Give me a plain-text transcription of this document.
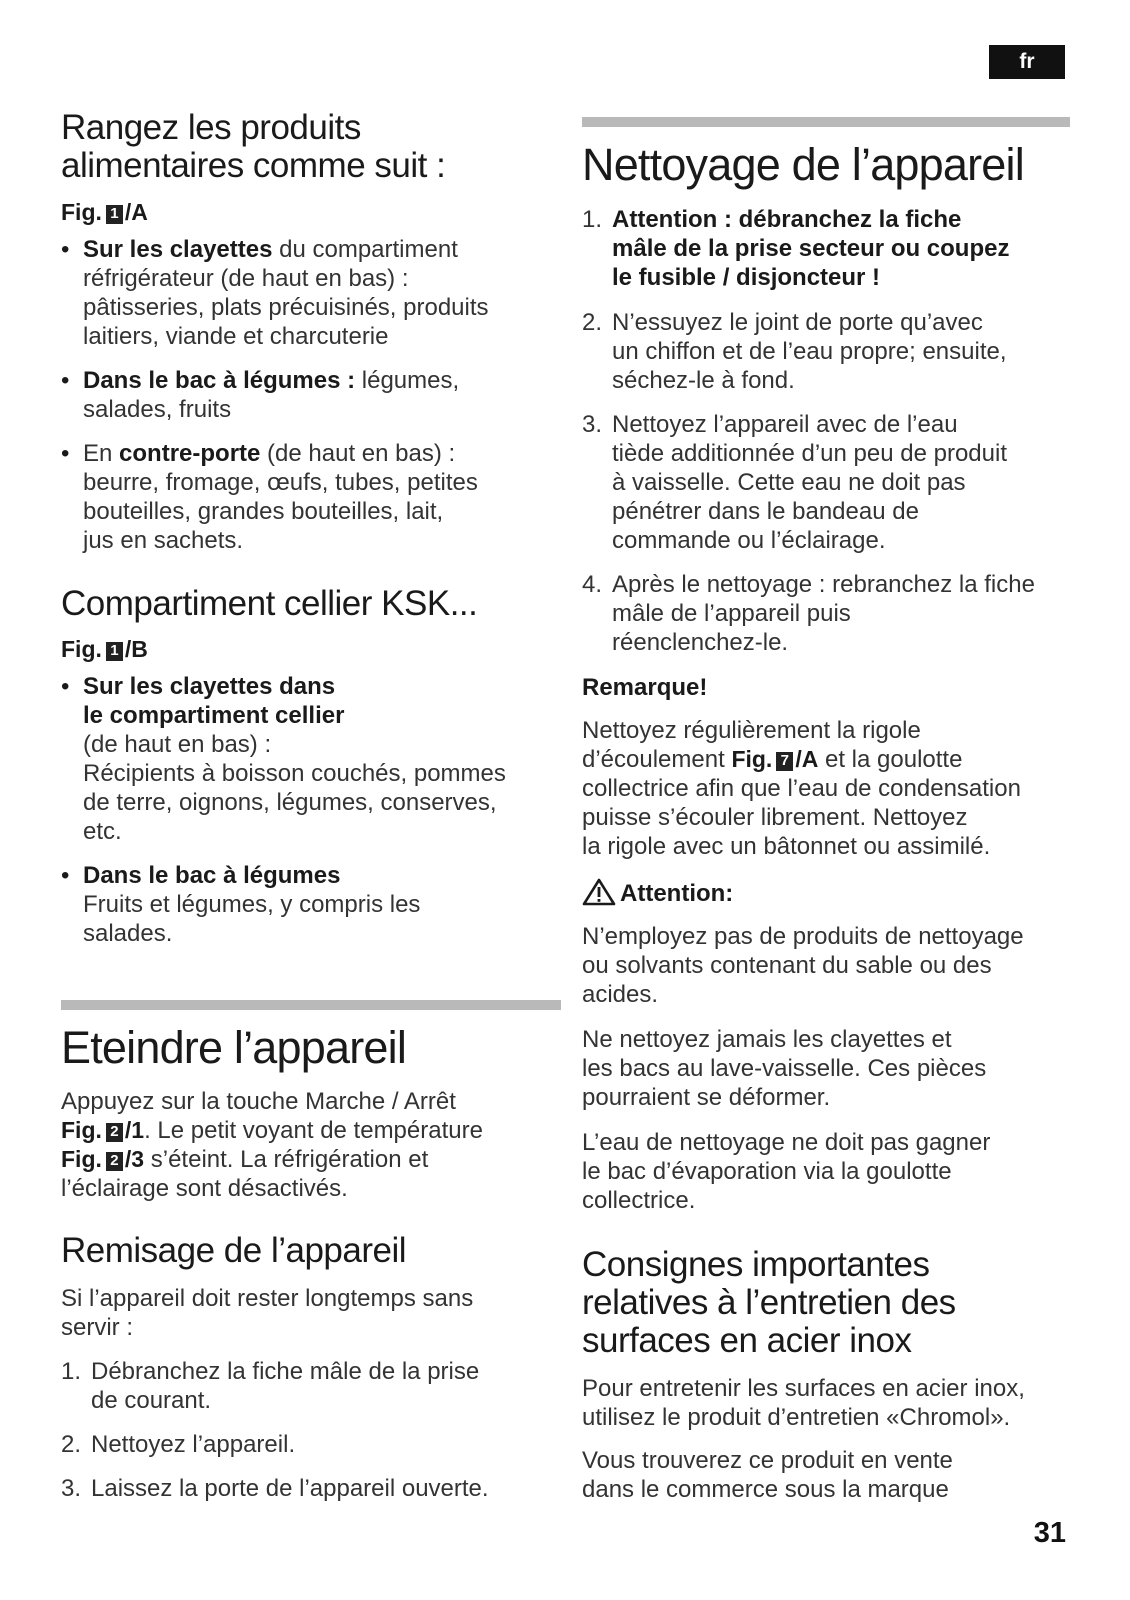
fr
Rangez les produits
alimentaires comme suit :
Fig. 1 /A
• Sur les clayettes du compartiment
réfrigérateur (de haut en bas) :
pâtisseries, plats précuisinés, produits
laitiers, viande et charcuterie
• Dans le bac à légumes : légumes,
salades, fruits
• En contre-porte (de haut en bas) :
beurre, fromage, œufs, tubes, petites
bouteilles, grandes bouteilles, lait,
jus en sachets.
Compartiment cellier KSK...
Fig. 1 /B
• Sur les clayettes dans
le compartiment cellier
(de haut en bas) :
Récipients à boisson couchés, pommes
de terre, oignons, légumes, conserves,
etc.
• Dans le bac à légumes
Fruits et légumes, y compris les
salades.
Eteindre l’appareil
Appuyez sur la touche Marche / Arrêt
Fig. 2 /1. Le petit voyant de température
Fig. 2 /3 s’éteint. La réfrigération et
l’éclairage sont désactivés.
Remisage de l’appareil
Si l’appareil doit rester longtemps sans
servir :
1. Débranchez la fiche mâle de la prise
de courant.
2. Nettoyez l’appareil.
3. Laissez la porte de l’appareil ouverte.
Nettoyage de l’appareil
1. Attention : débranchez la fiche
mâle de la prise secteur ou coupez
le fusible / disjoncteur !
2. N’essuyez le joint de porte qu’avec
un chiffon et de l’eau propre; ensuite,
séchez-le à fond.
3. Nettoyez l’appareil avec de l’eau
tiède additionnée d’un peu de produit
à vaisselle. Cette eau ne doit pas
pénétrer dans le bandeau de
commande ou l’éclairage.
4. Après le nettoyage : rebranchez la fiche
mâle de l’appareil puis
réenclenchez-le.
Remarque!
Nettoyez régulièrement la rigole
d’écoulement Fig. 7 /A et la goulotte
collectrice afin que l’eau de condensation
puisse s’écouler librement. Nettoyez
la rigole avec un bâtonnet ou assimilé.
Attention:
N’employez pas de produits de nettoyage
ou solvants contenant du sable ou des
acides.
Ne nettoyez jamais les clayettes et
les bacs au lave-vaisselle. Ces pièces
pourraient se déformer.
L’eau de nettoyage ne doit pas gagner
le bac d’évaporation via la goulotte
collectrice.
Consignes importantes
relatives à l’entretien des
surfaces en acier inox
Pour entretenir les surfaces en acier inox,
utilisez le produit d’entretien «Chromol».
Vous trouverez ce produit en vente
dans le commerce sous la marque
31
